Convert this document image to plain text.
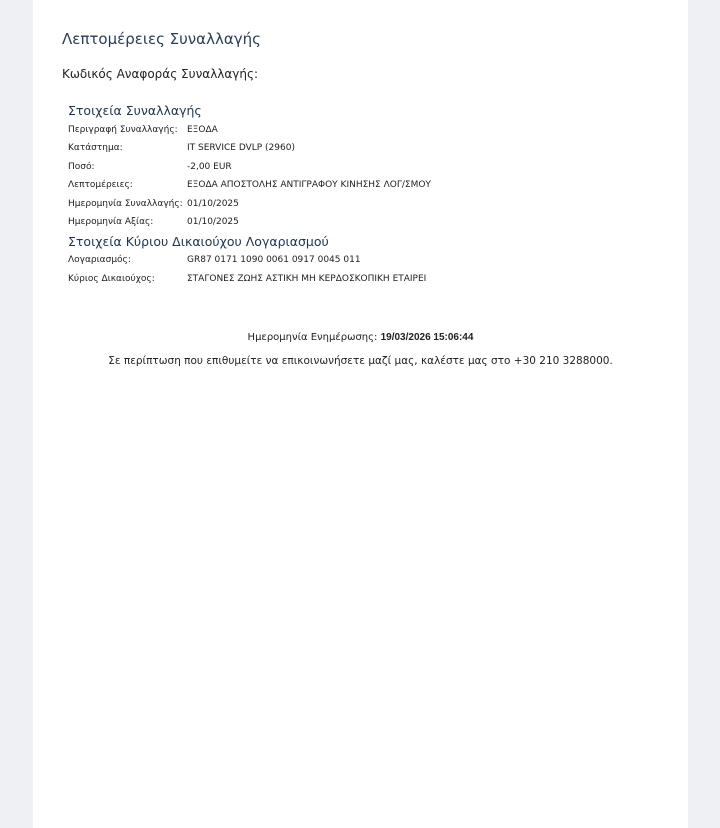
Λεπτομέρειες Συναλλαγής
Κωδικός Αναφοράς Συναλλαγής:
Στοιχεία Συναλλαγής
Περιγραφή Συναλλαγής: ΕΞΟΔΑ
Κατάστημα:	IT SERVICE DVLP (2960)
Ποσό:	-2,00 EUR
Λεπτομέρειες:	ΕΞΟΔΑ ΑΠΟΣΤΟΛΗΣ ΑΝΤΙΓΡΑΦΟΥ ΚΙΝΗΣΗΣ ΛΟΓ/ΣΜΟΥ
Ημερομηνία Συναλλαγής: 01/10/2025
Ημερομηνία Αξίας:	01/10/2025
Στοιχεία Κύριου Δικαιούχου Λογαριασμού
Λογαριασμός:	GR87 0171 1090 0061 0917 0045 011
Κύριος Δικαιούχος:	ΣΤΑΓΟΝΕΣ ΖΩΗΣ ΑΣΤΙΚΗ ΜΗ ΚΕΡΔΟΣΚΟΠΙΚΗ ΕΤΑΙΡΕΙ
Ημερομηνία Ενημέρωσης: 19/03/2026 15:06:44
Σε περίπτωση που επιθυμείτε να επικοινωνήσετε μαζί μας, καλέστε μας στο +30 210 3288000.
